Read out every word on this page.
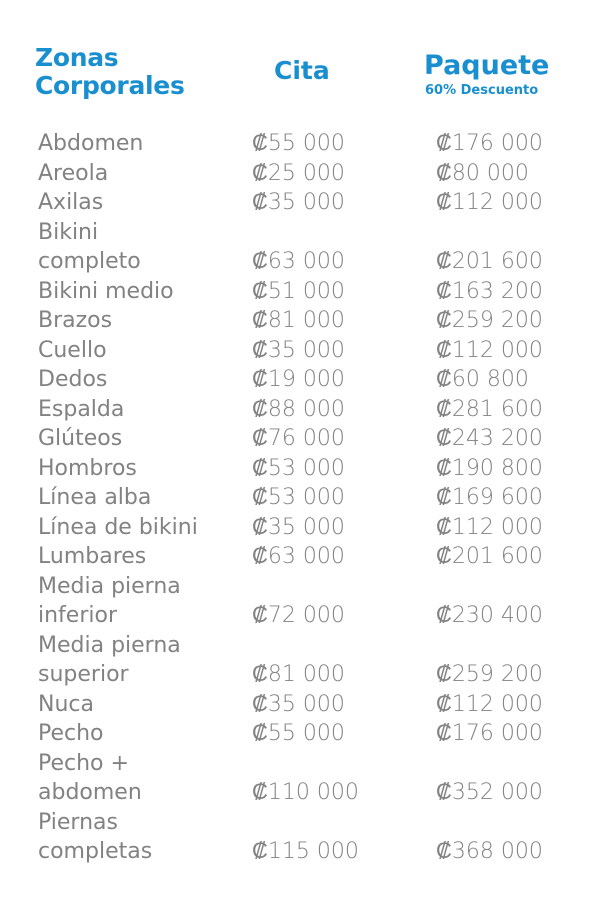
Zonas
Corporales
Cita	Paquete
60% Descuento
Abdomen	₡55 000	₡176 000
Areola	₡25 000	₡80 000
Axilas	₡35 000	₡112 000
Bikini
completo	₡63 000	₡201 600
Bikini medio	₡51 000	₡163 200
Brazos	₡81 000	₡259 200
Cuello	₡35 000	₡112 000
Dedos	₡19 000	₡60 800
Espalda	₡88 000	₡281 600
Glúteos	₡76 000	₡243 200
Hombros	₡53 000	₡190 800
Línea alba	₡53 000	₡169 600
Línea de bikini	₡35 000	₡112 000
Lumbares	₡63 000	₡201 600
Media pierna
inferior	₡72 000	₡230 400
Media pierna
superior	₡81 000	₡259 200
Nuca	₡35 000	₡112 000
Pecho	₡55 000	₡176 000
Pecho +
abdomen	₡110 000	₡352 000
Piernas
completas	₡115 000	₡368 000
